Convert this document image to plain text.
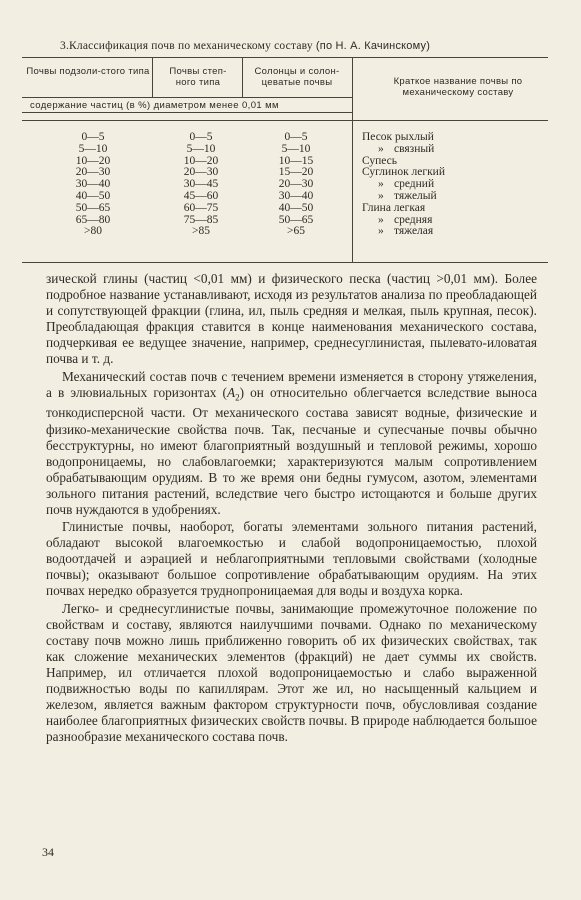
3.Классификация почв по механическому составу (по Н. А. Качинскому)
Почвы подзоли-стого типа	Почвы степ-ного типа
Солонцы и солон-цеватые почвы	Краткое название почвы по механическому составу
содержание частиц (в %) диаметром менее 0,01 мм
0—5
5—10
10—20
20—30
30—40
40—50
50—65
65—80
>80
0—5
5—10
10—20
20—30
30—45
45—60
60—75
75—85
>85
0—5
5—10
10—15
15—20
20—30
30—40
40—50
50—65
>65
Песок рыхлый
» связный
Супесь
Суглинок легкий
» средний
» тяжелый
Глина легкая
» средняя
» тяжелая

зической глины (частиц <0,01 мм) и физического песка (частиц >0,01 мм). Более подробное название устанавливают, исходя из результатов анализа по преобладающей и сопутствующей фракции (глина, ил, пыль средняя и мелкая, пыль крупная, песок). Преобладающая фракция ставится в конце наименования механического состава, подчеркивая ее ведущее значение, например, среднесуглинистая, пылевато-иловатая почва и т. д.

Механический состав почв с течением времени изменяется в сторону утяжеления, а в элювиальных горизонтах $(A_2)$ он относительно облегчается вследствие выноса тонкодисперсной части. От механического состава зависят водные, физические и физико-механические свойства почв. Так, песчаные и супесчаные почвы обычно бесструктурны, но имеют благоприятный воздушный и тепловой режимы, хорошо водопроницаемы, но слабовлагоемки; характеризуются малым сопротивлением обрабатывающим орудиям. В то же время они бедны гумусом, азотом, элементами зольного питания растений, вследствие чего быстро истощаются и больше других почв нуждаются в удобрениях.

Глинистые почвы, наоборот, богаты элементами зольного питания растений, обладают высокой влагоемкостью и слабой водопроницаемостью, плохой водоотдачей и аэрацией и неблагоприятными тепловыми свойствами (холодные почвы); оказывают большое сопротивление обрабатывающим орудиям. На этих почвах нередко образуется труднопроницаемая для воды и воздуха корка.

Легко- и среднесуглинистые почвы, занимающие промежуточное положение по свойствам и составу, являются наилучшими почвами. Однако по механическому составу почв можно лишь приближенно говорить об их физических свойствах, так как сложение механических элементов (фракций) не дает суммы их свойств. Например, ил отличается плохой водопроницаемостью и слабо выраженной подвижностью воды по капиллярам. Этот же ил, но насыщенный кальцием и железом, является важным фактором структурности почв, обусловливая создание наиболее благоприятных физических свойств почвы. В природе наблюдается большое разнообразие механического состава почв.

34
